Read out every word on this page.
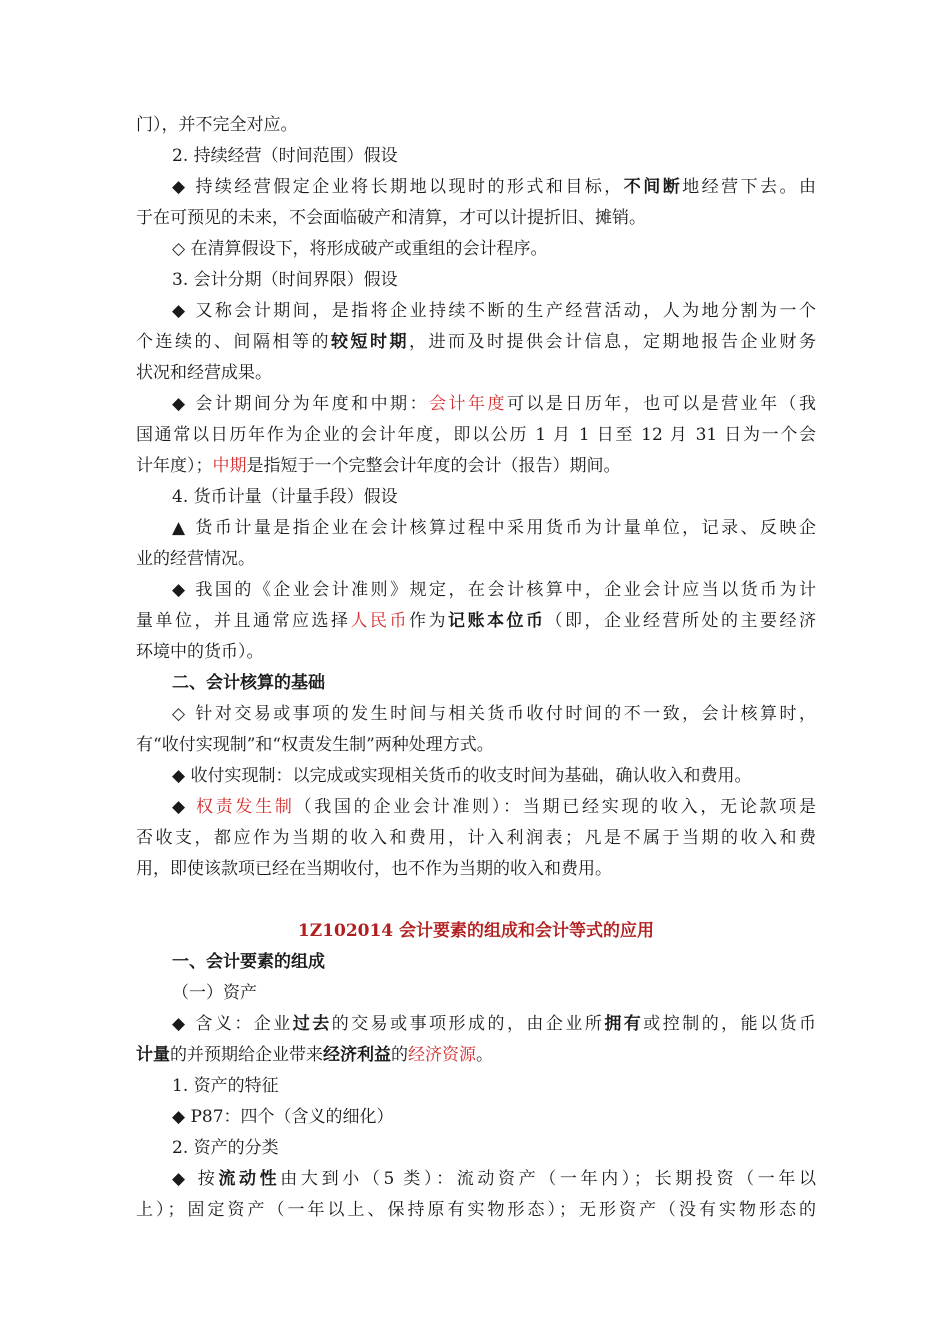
门），并不完全对应。
2. 持续经营（时间范围）假设
◆ 持续经营假定企业将长期地以现时的形式和目标，不间断地经营下去。由
于在可预见的未来，不会面临破产和清算，才可以计提折旧、摊销。
◇ 在清算假设下，将形成破产或重组的会计程序。
3. 会计分期（时间界限）假设
◆ 又称会计期间，是指将企业持续不断的生产经营活动，人为地分割为一个
个连续的、间隔相等的较短时期，进而及时提供会计信息，定期地报告企业财务
状况和经营成果。
◆ 会计期间分为年度和中期：会计年度可以是日历年，也可以是营业年（我
国通常以日历年作为企业的会计年度，即以公历 1 月 1 日至 12 月 31 日为一个会
计年度）；中期是指短于一个完整会计年度的会计（报告）期间。
4. 货币计量（计量手段）假设
▲ 货币计量是指企业在会计核算过程中采用货币为计量单位，记录、反映企
业的经营情况。
◆ 我国的《企业会计准则》规定，在会计核算中，企业会计应当以货币为计
量单位，并且通常应选择人民币作为记账本位币（即，企业经营所处的主要经济
环境中的货币）。
二、会计核算的基础
◇ 针对交易或事项的发生时间与相关货币收付时间的不一致，会计核算时，
有“收付实现制”和“权责发生制”两种处理方式。
◆ 收付实现制：以完成或实现相关货币的收支时间为基础，确认收入和费用。
◆ 权责发生制（我国的企业会计准则）：当期已经实现的收入，无论款项是
否收支，都应作为当期的收入和费用，计入利润表；凡是不属于当期的收入和费
用，即使该款项已经在当期收付，也不作为当期的收入和费用。
1Z102014 会计要素的组成和会计等式的应用
一、会计要素的组成
（一）资产
◆ 含义：企业过去的交易或事项形成的，由企业所拥有或控制的，能以货币
计量的并预期给企业带来经济利益的经济资源。
1. 资产的特征
◆ P87：四个（含义的细化）
2. 资产的分类
◆ 按流动性由大到小（5 类）：流动资产（一年内）；长期投资（一年以
上）；固定资产（一年以上、保持原有实物形态）；无形资产（没有实物形态的
